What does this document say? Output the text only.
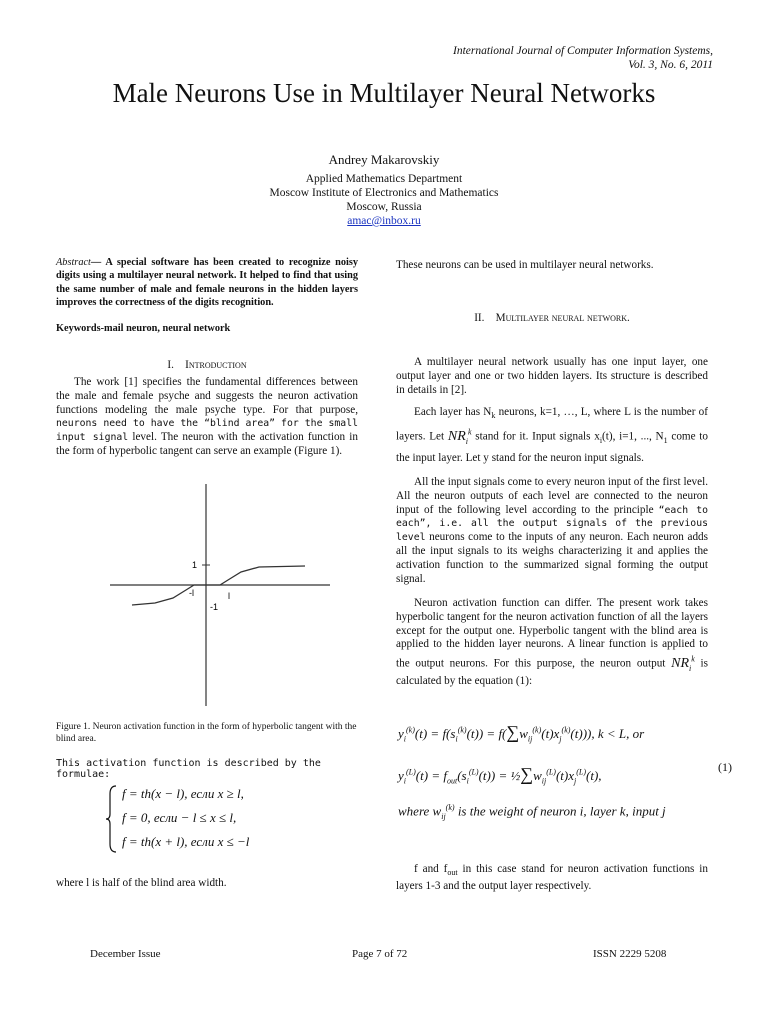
International Journal of Computer Information Systems,
Vol. 3, No. 6, 2011
Male Neurons Use in Multilayer Neural Networks
Andrey Makarovskiy
Applied Mathematics Department
Moscow Institute of Electronics and Mathematics
Moscow, Russia
amac@inbox.ru
Abstract— A special software has been created to recognize noisy digits using a multilayer neural network. It helped to find that using the same number of male and female neurons in the hidden layers improves the correctness of the digits recognition.
Keywords-mail neuron, neural network
I. Introduction
The work [1] specifies the fundamental differences between the male and female psyche and suggests the neuron activation functions modeling the male psyche type. For that purpose, neurons need to have the “blind area” for the small input signal level. The neuron with the activation function in the form of hyperbolic tangent can serve an example (Figure 1).
1
-1
-l	l
Figure 1. Neuron activation function in the form of hyperbolic tangent with the blind area.
This activation function is described by the formulae:
f = th(x − l), если x ≥ l,
f = 0, если − l ≤ x ≤ l,
f = th(x + l), если x ≤ −l
where l is half of the blind area width.
These neurons can be used in multilayer neural networks.
II. Multilayer neural network.
A multilayer neural network usually has one input layer, one output layer and one or two hidden layers. Its structure is described in details in [2].
Each layer has $N_k$ neurons, k=1, …, L, where L is the number of layers. Let $NR_i^k$ stand for it. Input signals $x_i(t)$, i=1, ..., $N_1$ come to the input layer. Let y stand for the neuron input signals.
All the input signals come to every neuron input of the first level. All the neuron outputs of each level are connected to the neuron input of the following level according to the principle “each to each”, i.e. all the output signals of the previous level neurons come to the inputs of any neuron. Each neuron adds all the input signals to its weighs characterizing it and applies the activation function to the summarized signal forming the output signal.
Neuron activation function can differ. The present work takes hyperbolic tangent for the neuron activation function of all the layers except for the output one. Hyperbolic tangent with the blind area is applied to the hidden layer neurons. A linear function is applied to the output neurons. For this purpose, the neuron output $NR_i^k$ is calculated by the equation (1):
$y_i^{(k)}(t) = f(s_i^{(k)}(t)) = f(\sum w_{ij}^{(k)}(t)x_j^{(k)}(t))$), k < L, or
$y_i^{(L)}(t) = f_{out}(s_i^{(L)}(t))$ = $\frac{1}{2}\sum w_{ij}^{(L)}(t)x_j^{(L)}(t)$,
(1)
where $w_{ij}^{(k)}$ is the weight of neuron i, layer k, input j
f and $f_{out}$ in this case stand for neuron activation functions in layers 1-3 and the output layer respectively.
December Issue	Page 7 of 72	ISSN 2229 5208
